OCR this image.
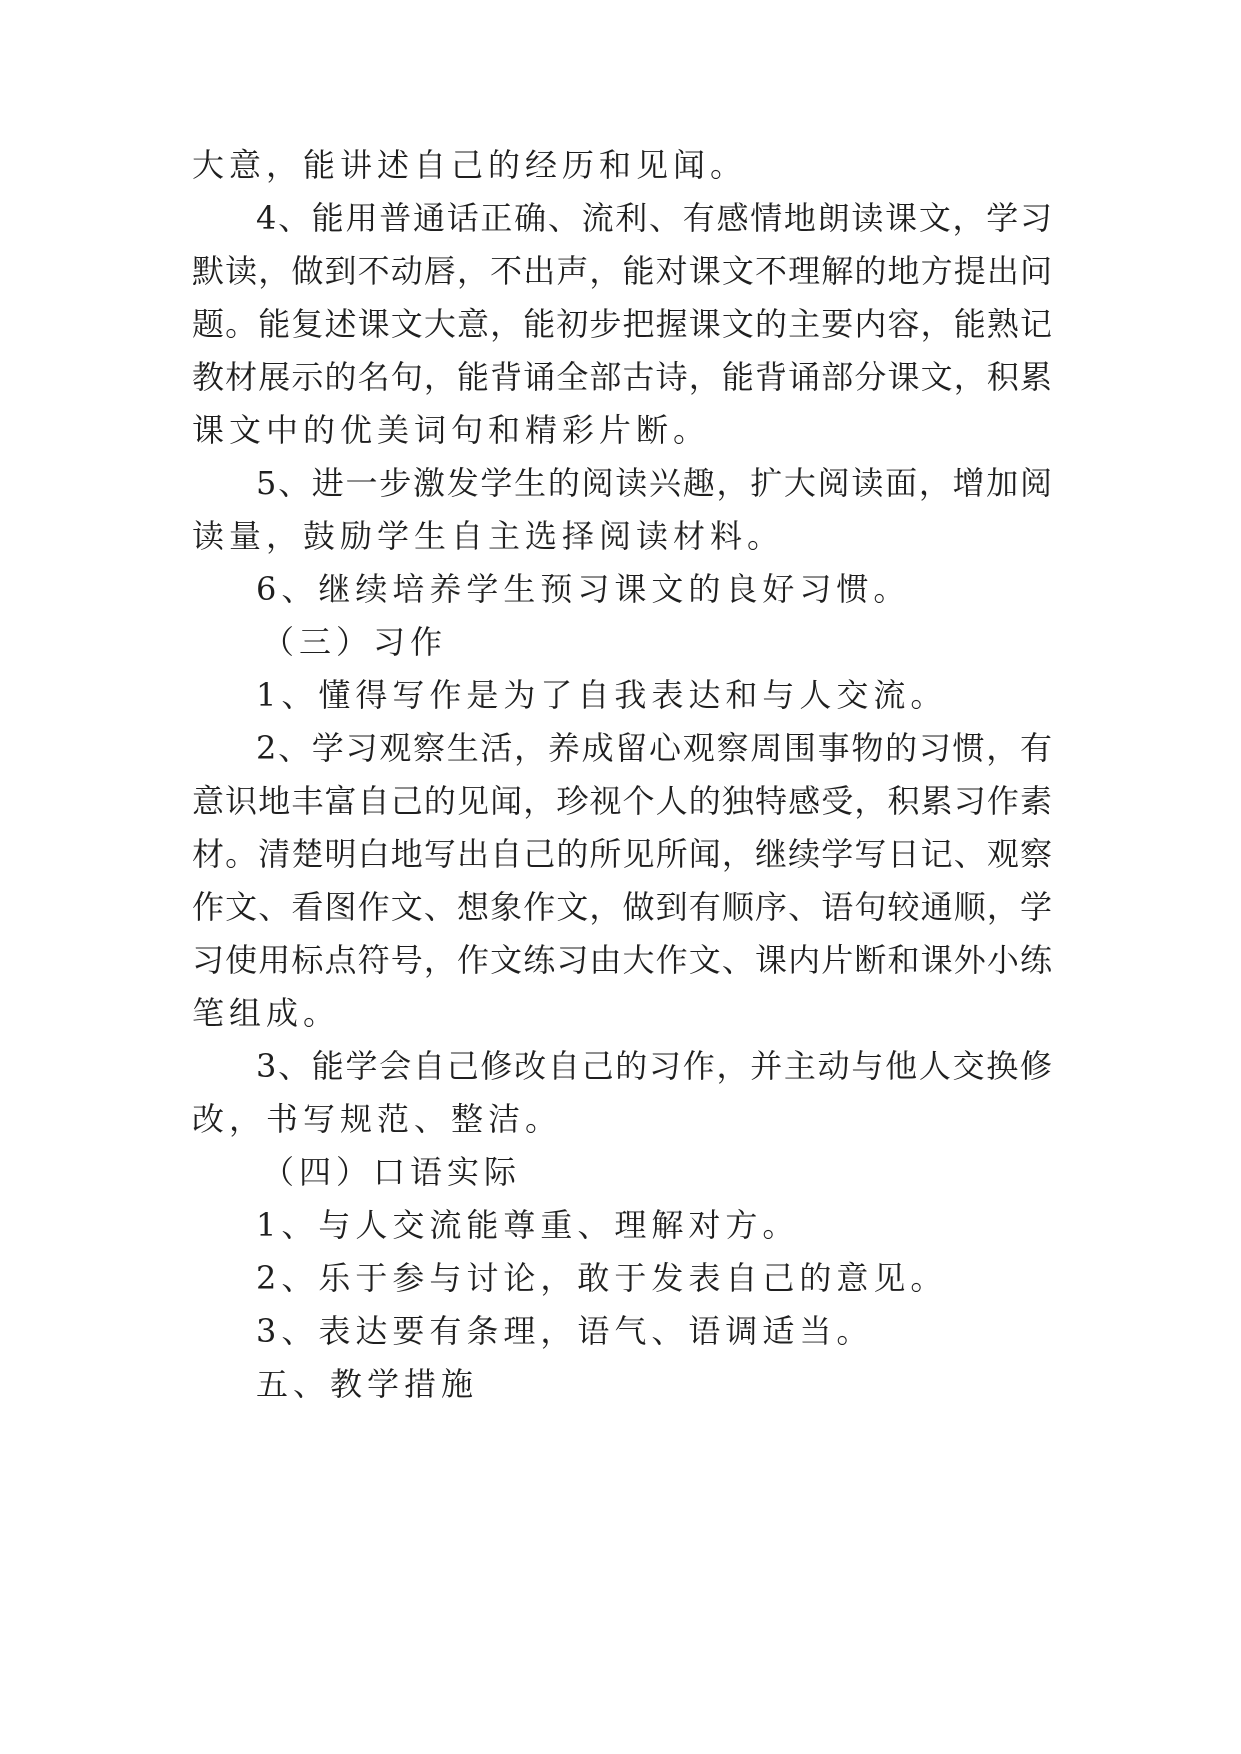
大意，能讲述自己的经历和见闻。
4、能用普通话正确、流利、有感情地朗读课文，学习
默读，做到不动唇，不出声，能对课文不理解的地方提出问
题。能复述课文大意，能初步把握课文的主要内容，能熟记
教材展示的名句，能背诵全部古诗，能背诵部分课文，积累
课文中的优美词句和精彩片断。
5、进一步激发学生的阅读兴趣，扩大阅读面，增加阅
读量，鼓励学生自主选择阅读材料。
6、继续培养学生预习课文的良好习惯。
（三）习作
1、懂得写作是为了自我表达和与人交流。
2、学习观察生活，养成留心观察周围事物的习惯，有
意识地丰富自己的见闻，珍视个人的独特感受，积累习作素
材。清楚明白地写出自己的所见所闻，继续学写日记、观察
作文、看图作文、想象作文，做到有顺序、语句较通顺，学
习使用标点符号，作文练习由大作文、课内片断和课外小练
笔组成。
3、能学会自己修改自己的习作，并主动与他人交换修
改，书写规范、整洁。
（四）口语实际
1、与人交流能尊重、理解对方。
2、乐于参与讨论，敢于发表自己的意见。
3、表达要有条理，语气、语调适当。
五、教学措施
